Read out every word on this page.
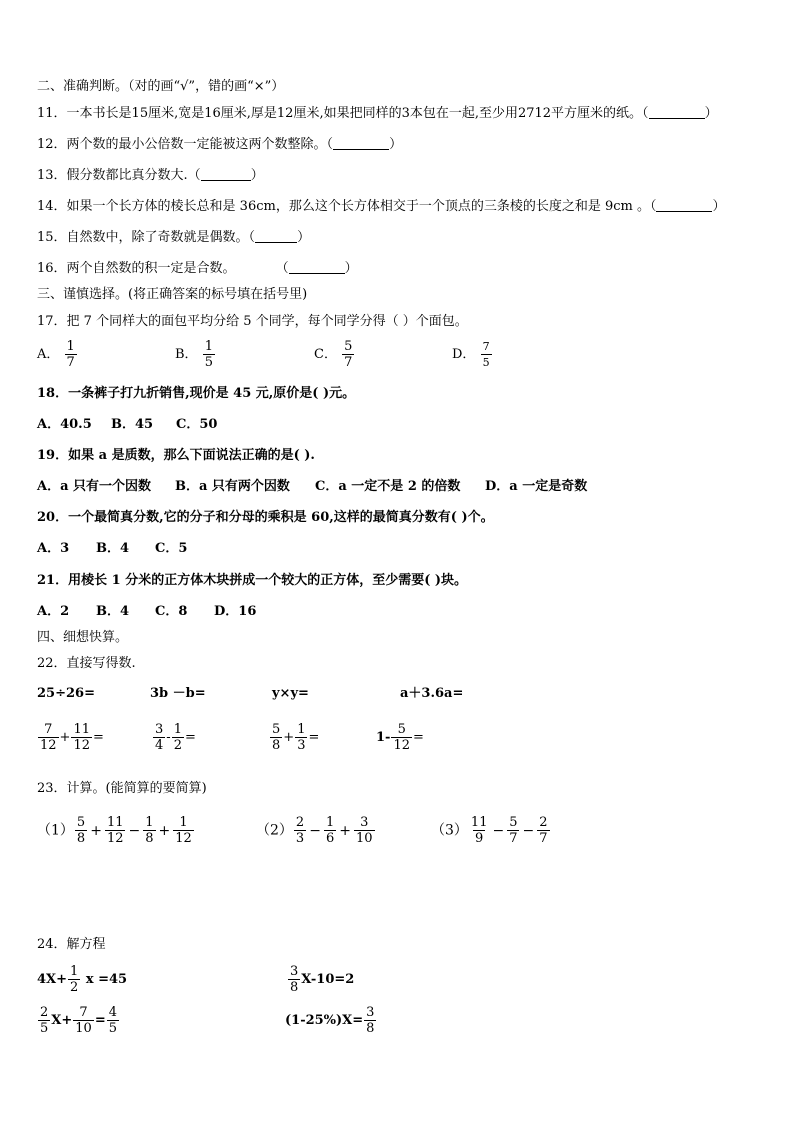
二、准确判断。（对的画“√”，错的画“×”）
11．一本书长是15厘米,宽是16厘米,厚是12厘米,如果把同样的3本包在一起,至少用2712平方厘米的纸。（	）
12．两个数的最小公倍数一定能被这两个数整除。（	）
13．假分数都比真分数大.（	）
14．如果一个长方体的棱长总和是 36cm，那么这个长方体相交于一个顶点的三条棱的长度之和是 9cm 。（	）
15．自然数中，除了奇数就是偶数。（	）
16．两个自然数的积一定是合数。	（	）
三、谨慎选择。(将正确答案的标号填在括号里)
17．把 7 个同样大的面包平均分给 5 个同学，每个同学分得（ ）个面包。
A． $\frac{1}{7}$	B． $\frac{1}{5}$	C． $\frac{5}{7}$	D． $\frac{7}{5}$
18．一条裤子打九折销售,现价是 45 元,原价是( )元。
A．40.5 B．45 C．50
19．如果 a 是质数，那么下面说法正确的是( ).
A．a 只有一个因数 B．a 只有两个因数 C．a 一定不是 2 的倍数 D．a 一定是奇数
20．一个最简真分数,它的分子和分母的乘积是 60,这样的最简真分数有( )个。
A．3 B．4 C．5
21．用棱长 1 分米的正方体木块拼成一个较大的正方体，至少需要( )块。
A．2 B．4 C．8 D．16
四、细想快算。
22．直接写得数.
25÷26=	3b －b=	y×y=	a＋3.6a=
$\frac{7}{12} + \frac{11}{12}$ =	$\frac{3}{4} - \frac{1}{2}$ =	$\frac{5}{8} + \frac{1}{3}$ =	$1- \frac{5}{12}$ =
23．计算。(能简算的要简算)
$(1) \frac{5}{8} + \frac{11}{12} - \frac{1}{8} + \frac{1}{12}$	$(2) \frac{2}{3} - \frac{1}{6} + \frac{3}{10}$	$(3) \frac{11}{9} - \frac{5}{7} - \frac{2}{7}$
24．解方程
$4X+ \frac{1}{2}$ x =45	$\frac{3}{8} X-10=2$
$\frac{2}{5} X+ \frac{7}{10} = \frac{4}{5}$	$(1-25\%)X= \frac{3}{8}$
